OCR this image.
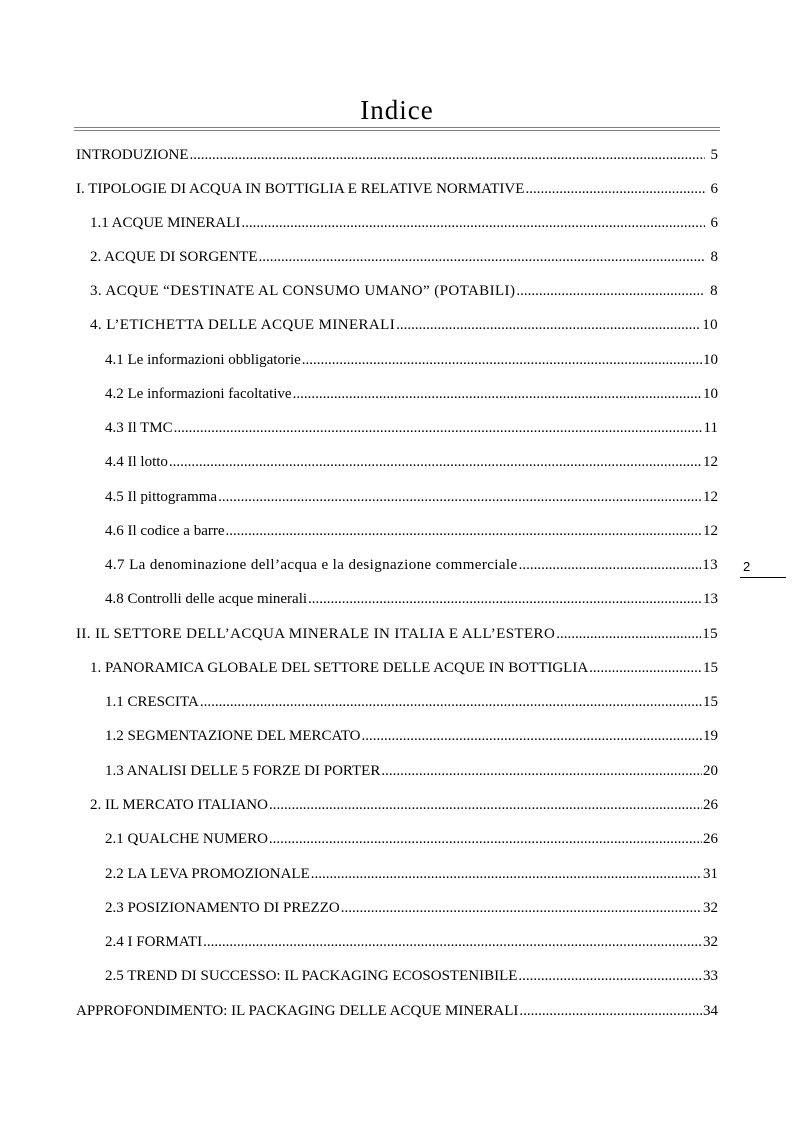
Indice
INTRODUZIONE .....	5
I. TIPOLOGIE DI ACQUA IN BOTTIGLIA E RELATIVE NORMATIVE .....	6
1.1 ACQUE MINERALI .....	6
2. ACQUE DI SORGENTE .....	8
3. ACQUE “DESTINATE AL CONSUMO UMANO” (POTABILI) .....	8
4. L’ETICHETTA DELLE ACQUE MINERALI .....	10
4.1 Le informazioni obbligatorie .....	10
4.2 Le informazioni facoltative .....	10
4.3 Il TMC .....	11
4.4 Il lotto .....	12
4.5 Il pittogramma .....	12
4.6 Il codice a barre .....	12
4.7 La denominazione dell’acqua e la designazione commerciale .....	13
4.8 Controlli delle acque minerali .....	13
II. IL SETTORE DELL’ACQUA MINERALE IN ITALIA E ALL’ESTERO .....	15
1. PANORAMICA GLOBALE DEL SETTORE DELLE ACQUE IN BOTTIGLIA .....	15
1.1 CRESCITA .....	15
1.2 SEGMENTAZIONE DEL MERCATO .....	19
1.3 ANALISI DELLE 5 FORZE DI PORTER .....	20
2. IL MERCATO ITALIANO .....	26
2.1 QUALCHE NUMERO .....	26
2.2 LA LEVA PROMOZIONALE .....	31
2.3 POSIZIONAMENTO DI PREZZO .....	32
2.4 I FORMATI .....	32
2.5 TREND DI SUCCESSO: IL PACKAGING ECOSOSTENIBILE .....	33
APPROFONDIMENTO: IL PACKAGING DELLE ACQUE MINERALI .....	34
2
